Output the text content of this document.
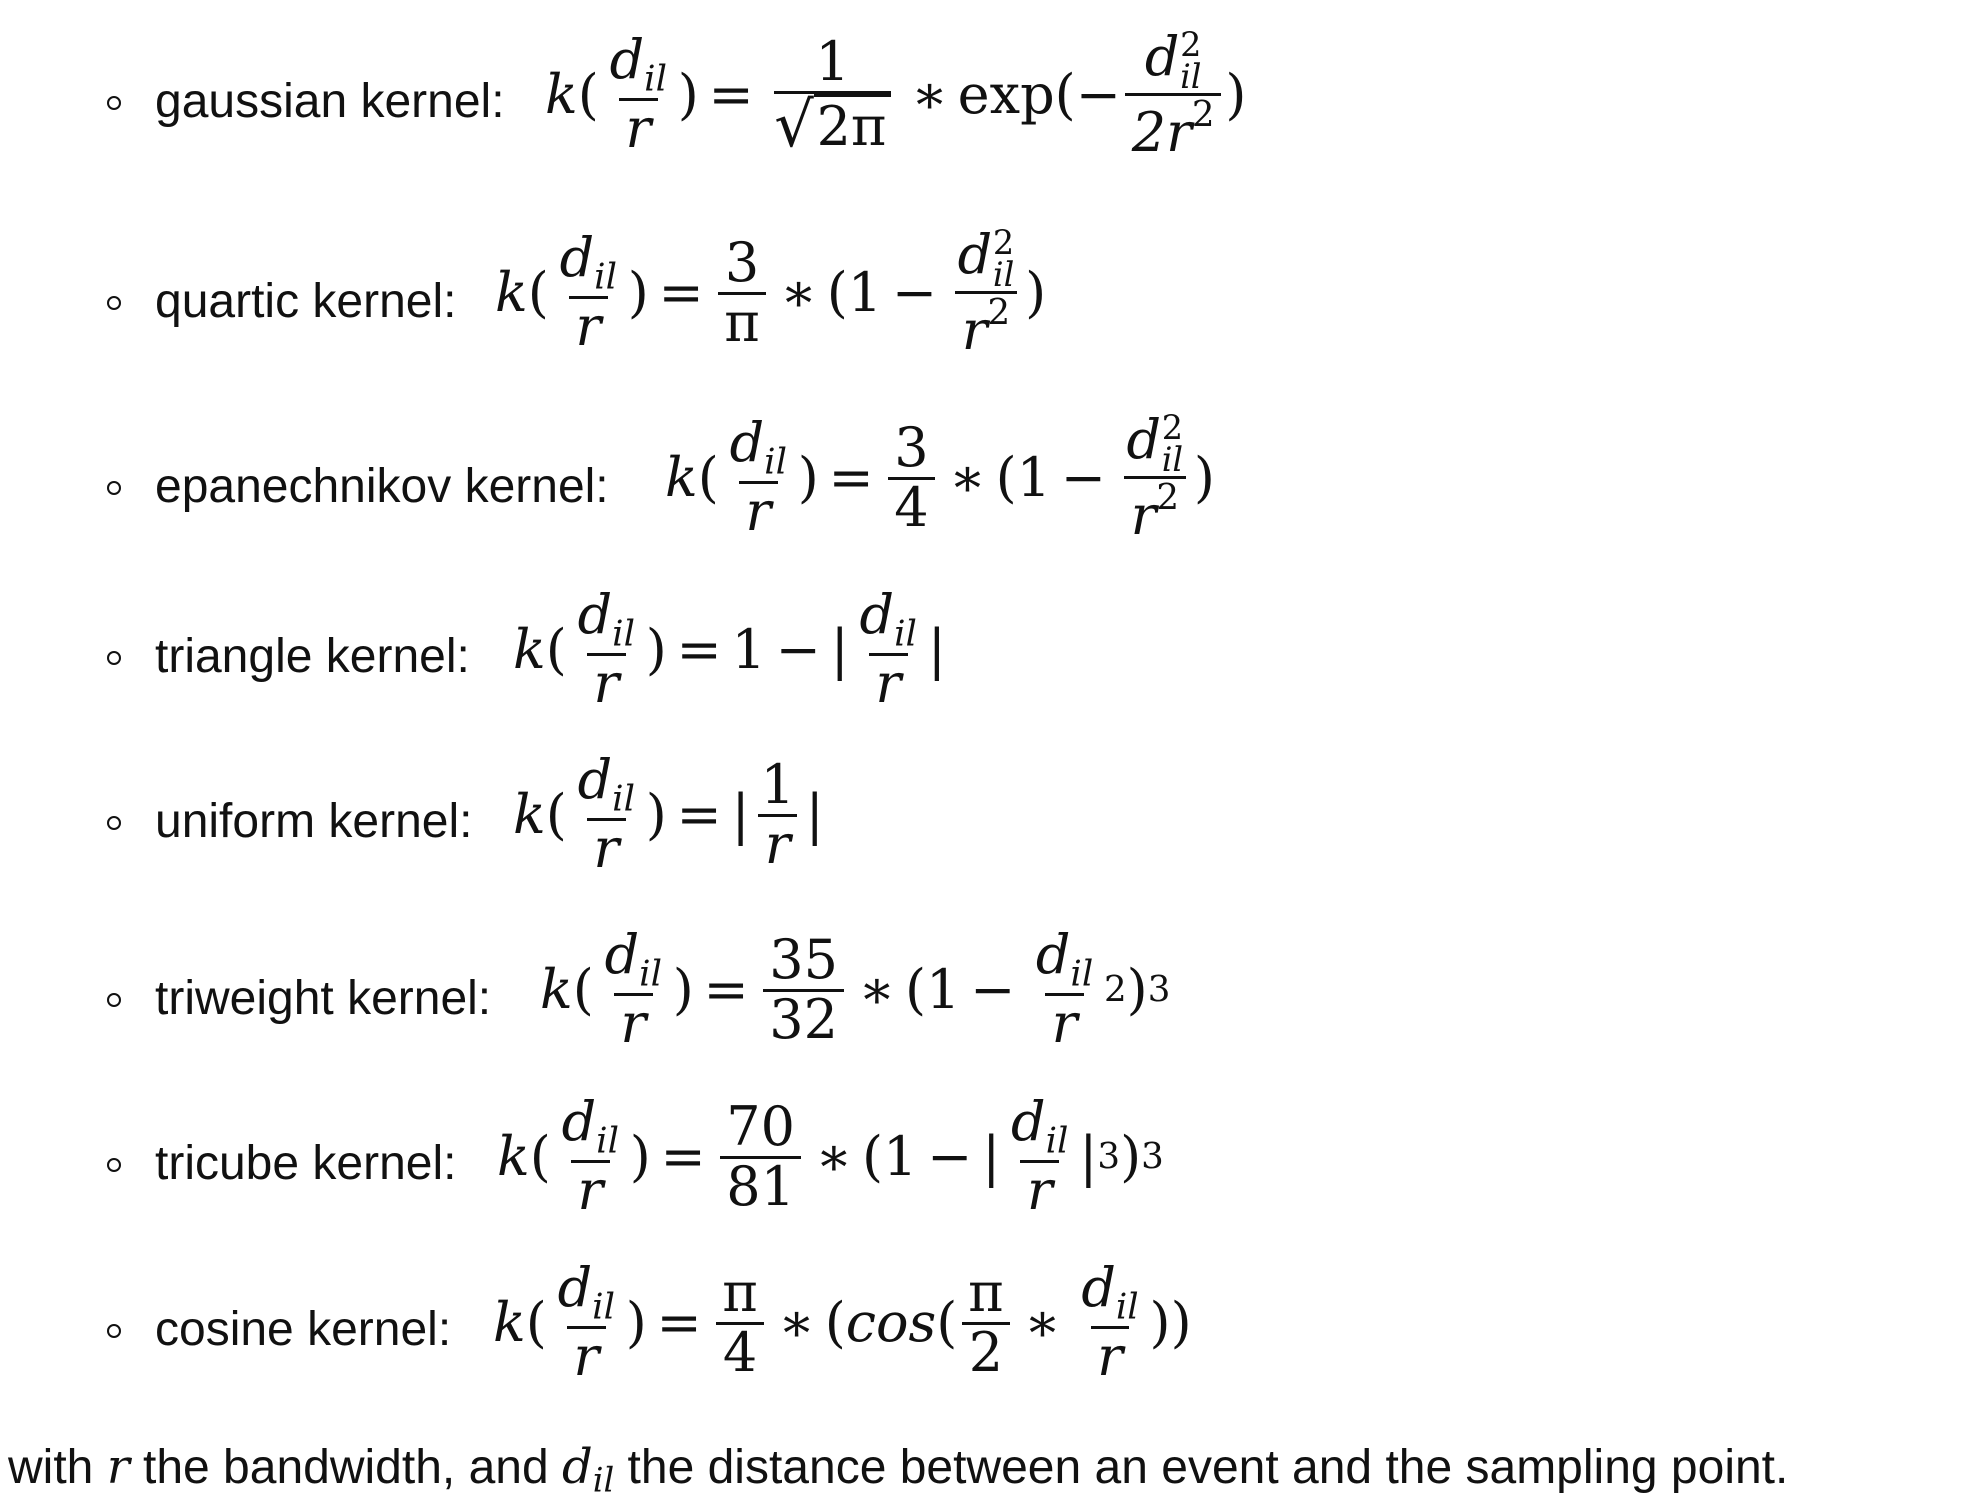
gaussian kernel: k ( $\frac{d_{il}}{r}$ ) =
1
√ 2π
∗ exp ( − d 2
il
$2r^2$ )
quartic kernel: k ( $\frac{d_{il}}{r}$ ) = $\frac{3}{\pi}$ ∗ ( 1 − d 2
il
$r^2$ )
epanechnikov kernel: k ( $\frac{d_{il}}{r}$ ) = $\frac{3}{4}$ ∗ ( 1 − d 2
il
$r^2$ )
triangle kernel: k ( $\frac{d_{il}}{r}$ ) = 1 − | $\frac{d_{il}}{r}$ |
uniform kernel: k ( $\frac{d_{il}}{r}$ ) = | $\frac{1}{r}$ |
triweight kernel: k ( $\frac{d_{il}}{r}$ ) = $\frac{35}{32}$ ∗ ( $1 - \frac{d_{il}}{r} 2$ ) 3
tricube kernel: k ( $\frac{d_{il}}{r}$ ) = $\frac{70}{81}$ ∗ ( 1 − | $\frac{d_{il}}{r}$ | 3 ) 3
cosine kernel: k ( $\frac{d_{il}}{r}$ ) = $\frac{\pi}{4}$ ∗ ( cos ( $\frac{\pi}{2}$ ∗ $\frac{d_{il}}{r}$ ) )
with r the bandwidth, and dil the distance between an event and the sampling point.
